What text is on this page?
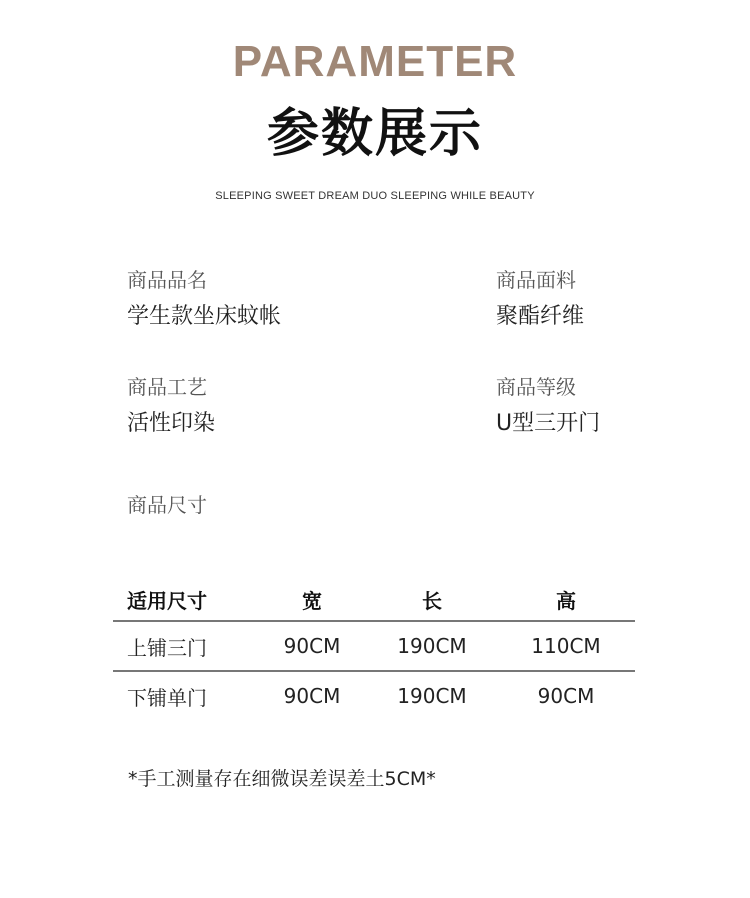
PARAMETER
参数展示
SLEEPING SWEET DREAM DUO SLEEPING WHILE BEAUTY
商品品名
学生款坐床蚊帐
商品面料
聚酯纤维
商品工艺
活性印染
商品等级
U型三开门
商品尺寸
适用尺寸	宽	长	高
上铺三门	90CM	190CM	110CM
下铺单门	90CM	190CM	90CM
*手工测量存在细微误差误差土5CM*
